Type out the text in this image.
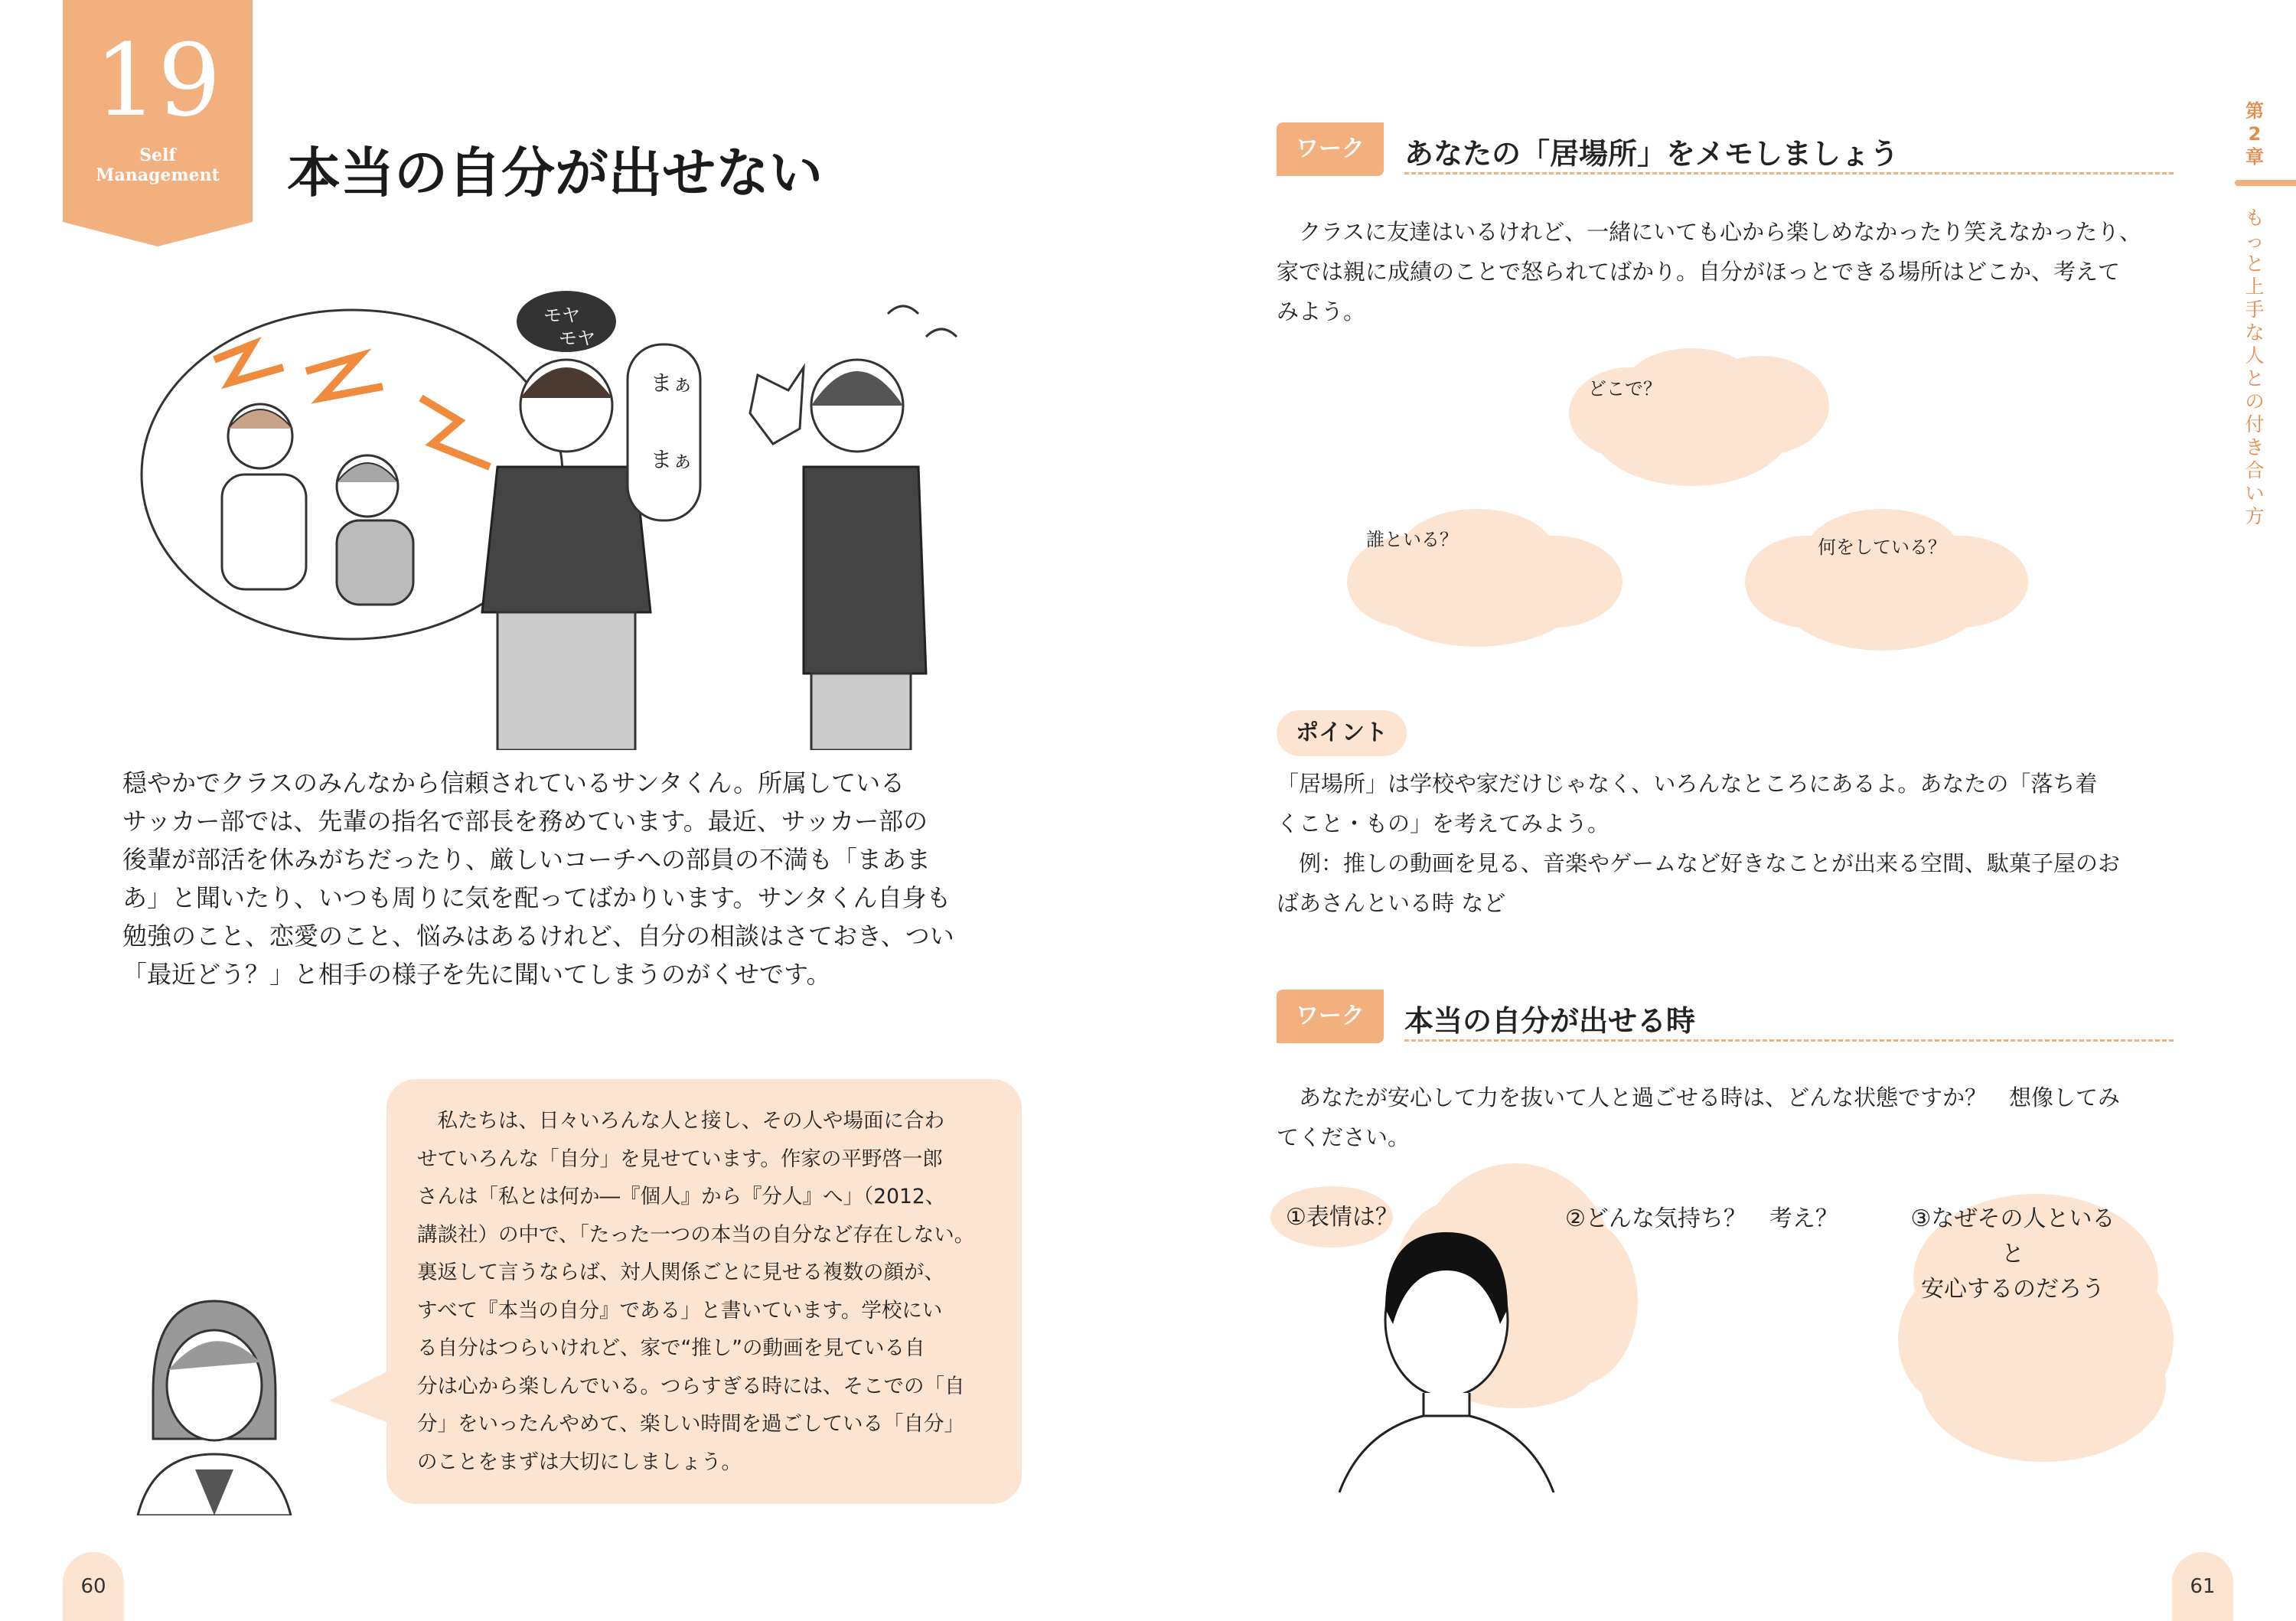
19
Self
Management	本当の自分が出せない
モヤ
モヤ
まぁ
まぁ

穏やかでクラスのみんなから信頼されているサンタくん。所属している

サッカー部では、先輩の指名で部長を務めています。最近、サッカー部の

後輩が部活を休みがちだったり、厳しいコーチへの部員の不満も「まあま

あ」と聞いたり、いつも周りに気を配ってばかりいます。サンタくん自身も

勉強のこと、恋愛のこと、悩みはあるけれど、自分の相談はさておき、つい

「最近どう？」と相手の様子を先に聞いてしまうのがくせです。

　私たちは、日々いろんな人と接し、その人や場面に合わ

せていろんな「自分」を見せています。作家の平野啓一郎

さんは「私とは何か―『個人』から『分人』へ」（2012、

講談社）の中で、「たった一つの本当の自分など存在しない。

裏返して言うならば、対人関係ごとに見せる複数の顔が、

すべて『本当の自分』である」と書いています。学校にい

る自分はつらいけれど、家で“推し”の動画を見ている自

分は心から楽しんでいる。つらすぎる時には、そこでの「自

分」をいったんやめて、楽しい時間を過ごしている「自分」

のことをまずは大切にしましょう。

60
第2章
もっと上手な人との付き合い方
ワーク	あなたの「居場所」をメモしましょう

　クラスに友達はいるけれど、一緒にいても心から楽しめなかったり笑えなかったり、

家では親に成績のことで怒られてばかり。自分がほっとできる場所はどこか、考えて

みよう。

どこで？
誰といる？	何をしている？
ポイント

「居場所」は学校や家だけじゃなく、いろんなところにあるよ。あなたの「落ち着

くこと・もの」を考えてみよう。

　例：推しの動画を見る、音楽やゲームなど好きなことが出来る空間、駄菓子屋のお

ばあさんといる時 など

ワーク	本当の自分が出せる時

　あなたが安心して力を抜いて人と過ごせる時は、どんな状態ですか？　想像してみ

てください。

①表情は？	②どんな気持ち？　考え？	③なぜその人といると
安心するのだろう
61
